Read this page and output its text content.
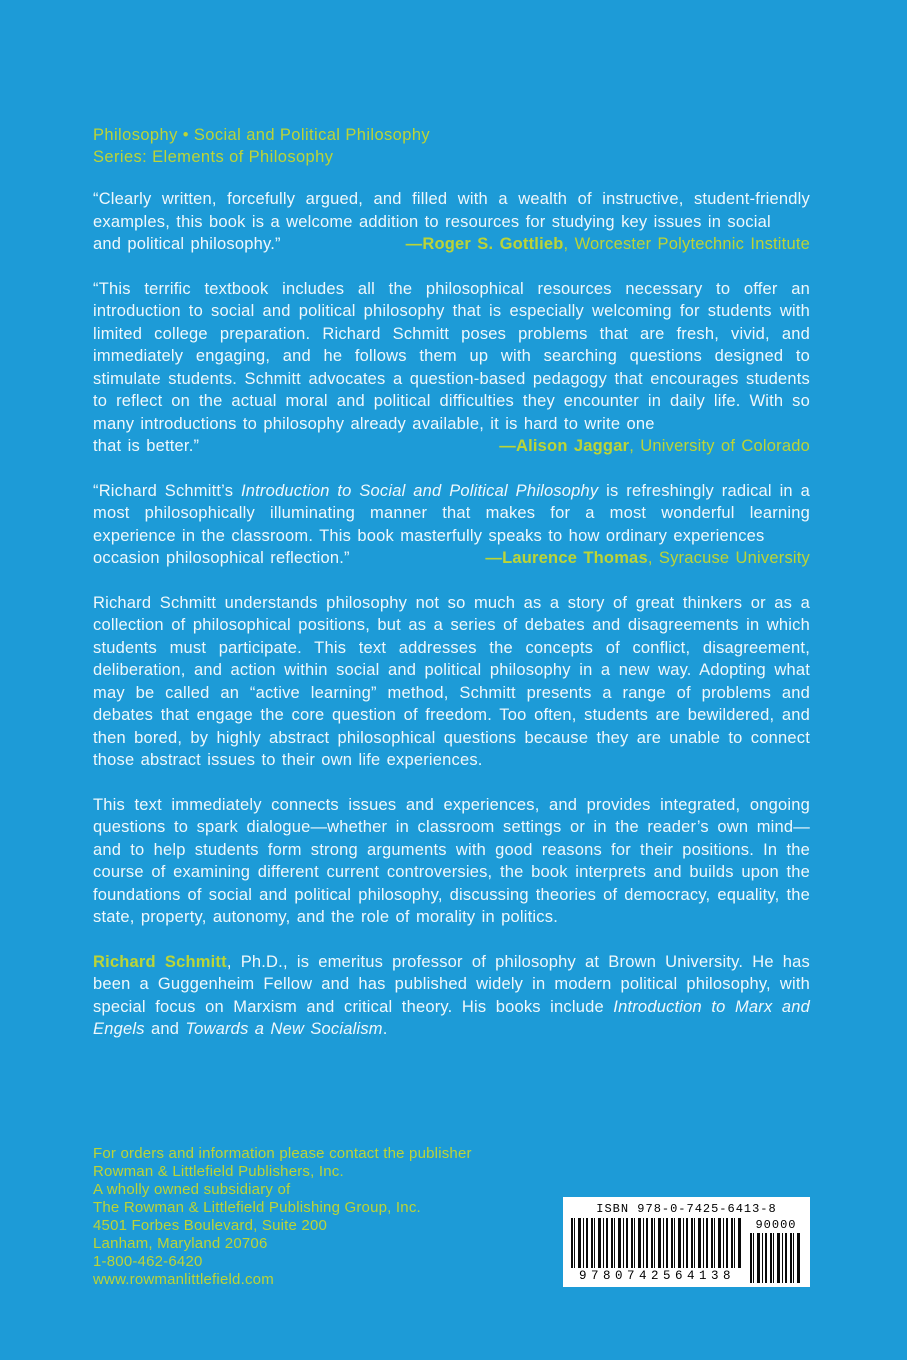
Philosophy • Social and Political Philosophy
Series: Elements of Philosophy

“Clearly written, forcefully argued, and filled with a wealth of instructive, student-friendly examples, this book is a welcome addition to resources for studying key issues in social

and political philosophy.”	—Roger S. Gottlieb, Worcester Polytechnic Institute

“This terrific textbook includes all the philosophical resources necessary to offer an introduction to social and political philosophy that is especially welcoming for students with limited college preparation. Richard Schmitt poses problems that are fresh, vivid, and immediately engaging, and he follows them up with searching questions designed to stimulate students. Schmitt advocates a question-based pedagogy that encourages students to reflect on the actual moral and political difficulties they encounter in daily life. With so many introductions to philosophy already available, it is hard to write one

that is better.”	—Alison Jaggar, University of Colorado

“Richard Schmitt’s Introduction to Social and Political Philosophy is refreshingly radical in a most philosophically illuminating manner that makes for a most wonderful learning experience in the classroom. This book masterfully speaks to how ordinary experiences

occasion philosophical reflection.”	—Laurence Thomas, Syracuse University

Richard Schmitt understands philosophy not so much as a story of great thinkers or as a collection of philosophical positions, but as a series of debates and disagreements in which students must participate. This text addresses the concepts of conflict, disagreement, deliberation, and action within social and political philosophy in a new way. Adopting what may be called an “active learning” method, Schmitt presents a range of problems and debates that engage the core question of freedom. Too often, students are bewildered, and then bored, by highly abstract philosophical questions because they are unable to connect those abstract issues to their own life experiences.

This text immediately connects issues and experiences, and provides integrated, ongoing questions to spark dialogue—whether in classroom settings or in the reader’s own mind—and to help students form strong arguments with good reasons for their positions. In the course of examining different current controversies, the book interprets and builds upon the foundations of social and political philosophy, discussing theories of democracy, equality, the state, property, autonomy, and the role of morality in politics.

Richard Schmitt, Ph.D., is emeritus professor of philosophy at Brown University. He has been a Guggenheim Fellow and has published widely in modern political philosophy, with special focus on Marxism and critical theory. His books include Introduction to Marx and Engels and Towards a New Socialism.

For orders and information please contact the publisher
Rowman & Littlefield Publishers, Inc.
A wholly owned subsidiary of
The Rowman & Littlefield Publishing Group, Inc.
4501 Forbes Boulevard, Suite 200
Lanham, Maryland 20706
1-800-462-6420
www.rowmanlittlefield.com
ISBN 978-0-7425-6413-8
9780742564138
90000
